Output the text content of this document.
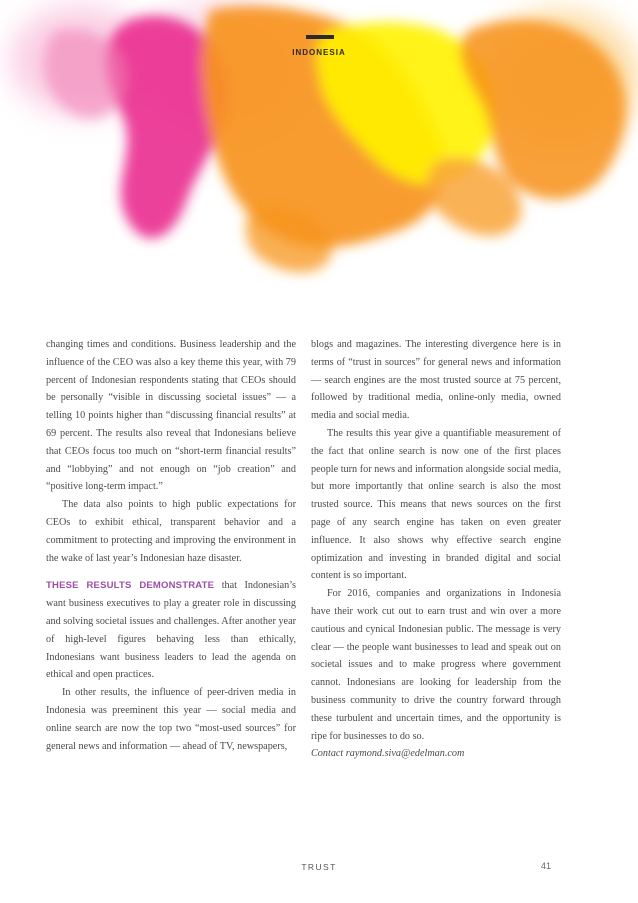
INDONESIA

changing times and conditions. Business leadership and the influence of the CEO was also a key theme this year, with 79 percent of Indonesian respondents stating that CEOs should be personally “visible in discussing societal issues” — a telling 10 points higher than “discussing financial results” at 69 percent. The results also reveal that Indonesians believe that CEOs focus too much on “short-term financial results” and “lobbying” and not enough on “job creation” and “positive long-term impact.”

The data also points to high public expectations for CEOs to exhibit ethical, transparent behavior and a commitment to protecting and improving the environment in the wake of last year’s Indonesian haze disaster.

THESE RESULTS DEMONSTRATE that Indonesian’s want business executives to play a greater role in discussing and solving societal issues and challenges. After another year of high-level figures behaving less than ethically, Indonesians want business leaders to lead the agenda on ethical and open practices.

In other results, the influence of peer-driven media in Indonesia was preeminent this year — social media and online search are now the top two “most-used sources” for general news and information — ahead of TV, newspapers,

blogs and magazines. The interesting divergence here is in terms of “trust in sources” for general news and information — search engines are the most trusted source at 75 percent, followed by traditional media, online-only media, owned media and social media.

The results this year give a quantifiable measurement of the fact that online search is now one of the first places people turn for news and information alongside social media, but more importantly that online search is also the most trusted source. This means that news sources on the first page of any search engine has taken on even greater influence. It also shows why effective search engine optimization and investing in branded digital and social content is so important.

For 2016, companies and organizations in Indonesia have their work cut out to earn trust and win over a more cautious and cynical Indonesian public. The message is very clear — the people want businesses to lead and speak out on societal issues and to make progress where government cannot. Indonesians are looking for leadership from the business community to drive the country forward through these turbulent and uncertain times, and the opportunity is ripe for businesses to do so.

Contact raymond.siva@edelman.com

TRUST	41
